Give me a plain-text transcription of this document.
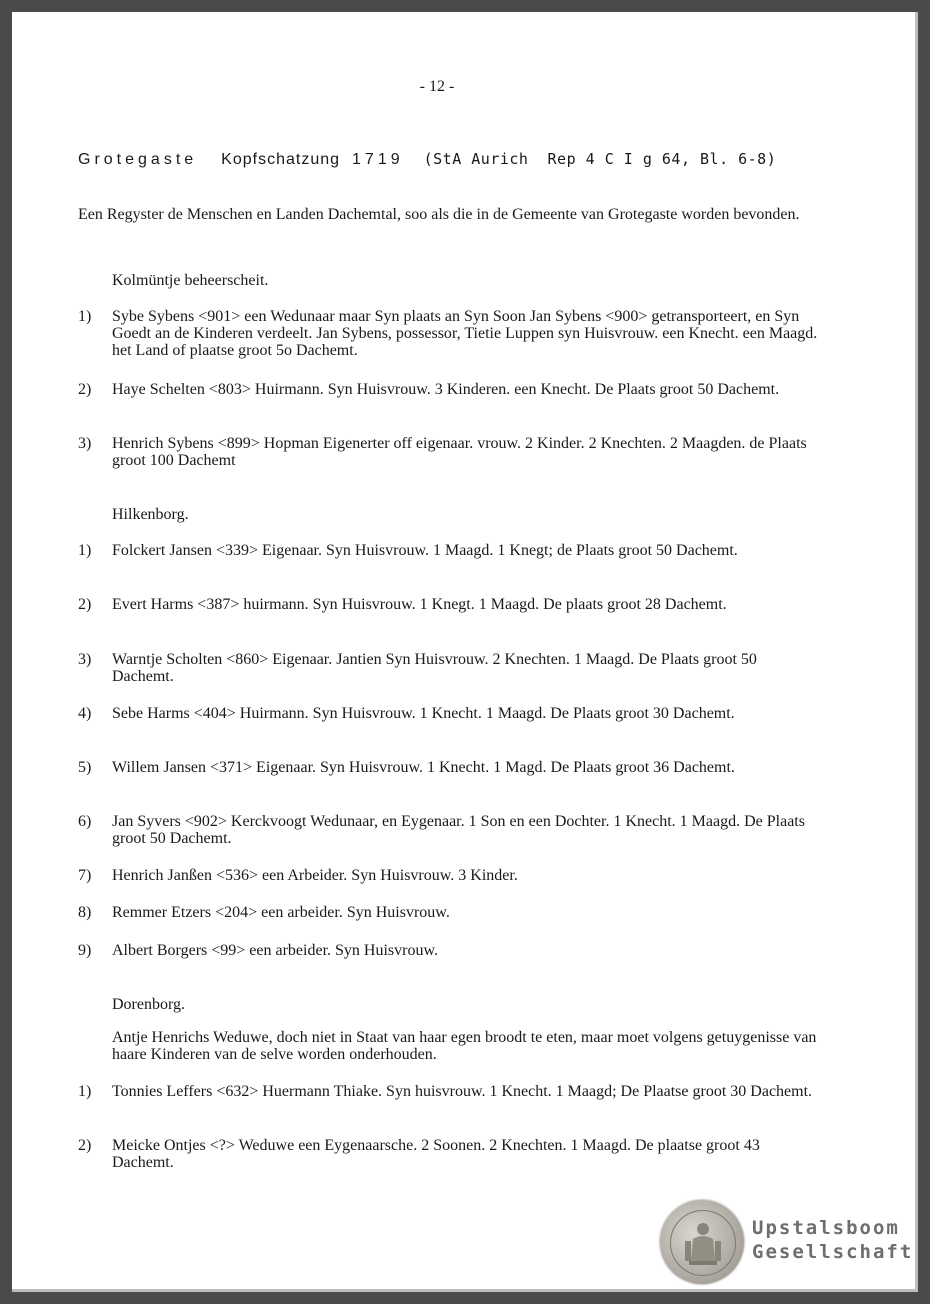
- 12 -
Grotegaste Kopfschatzung 1719 (StA Aurich  Rep 4 C I g 64, Bl. 6-8)
Een Regyster de Menschen en Landen Dachemtal, soo als die in de Gemeente van Grotegaste worden bevonden.
Kolmüntje beheerscheit.
1) Sybe Sybens <901> een Wedunaar maar Syn plaats an Syn Soon Jan Sybens <900> getransporteert, en Syn Goedt an de Kinderen verdeelt. Jan Sybens, possessor, Tietie Luppen syn Huisvrouw. een Knecht. een Maagd. het Land of plaatse groot 5o Dachemt.
2) Haye Schelten <803> Huirmann. Syn Huisvrouw. 3 Kinderen. een Knecht. De Plaats groot 50 Dachemt.
3) Henrich Sybens <899> Hopman Eigenerter off eigenaar. vrouw. 2 Kinder. 2 Knechten. 2 Maagden. de Plaats groot 100 Dachemt
Hilkenborg.
1) Folckert Jansen <339> Eigenaar. Syn Huisvrouw. 1 Maagd. 1 Knegt; de Plaats groot 50 Dachemt.
2) Evert Harms <387> huirmann. Syn Huisvrouw. 1 Knegt. 1 Maagd. De plaats groot 28 Dachemt.
3) Warntje Scholten <860> Eigenaar. Jantien Syn Huisvrouw. 2 Knechten. 1 Maagd. De Plaats groot 50 Dachemt.
4) Sebe Harms <404> Huirmann. Syn Huisvrouw. 1 Knecht. 1 Maagd. De Plaats groot 30 Dachemt.
5) Willem Jansen <371> Eigenaar. Syn Huisvrouw. 1 Knecht. 1 Magd. De Plaats groot 36 Dachemt.
6) Jan Syvers <902> Kerckvoogt Wedunaar, en Eygenaar. 1 Son en een Dochter. 1 Knecht. 1 Maagd. De Plaats groot 50 Dachemt.
7) Henrich Janßen <536> een Arbeider. Syn Huisvrouw. 3 Kinder.
8) Remmer Etzers <204> een arbeider. Syn Huisvrouw.
9) Albert Borgers <99> een arbeider. Syn Huisvrouw.
Dorenborg.
Antje Henrichs Weduwe, doch niet in Staat van haar egen broodt te eten, maar moet volgens getuygenisse van haare Kinderen van de selve worden onderhouden.
1) Tonnies Leffers <632> Huermann Thiake. Syn huisvrouw. 1 Knecht. 1 Maagd; De Plaatse groot 30 Dachemt.
2) Meicke Ontjes <?> Weduwe een Eygenaarsche. 2 Soonen. 2 Knechten. 1 Maagd. De plaatse groot 43 Dachemt.
Upstalsboom
Gesellschaft
